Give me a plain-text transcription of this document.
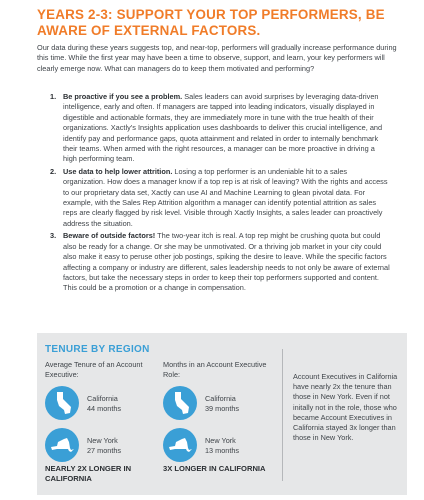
YEARS 2-3: SUPPORT YOUR TOP PERFORMERS, BE AWARE OF EXTERNAL FACTORS.

Our data during these years suggests top, and near-top, performers will gradually increase performance during this time. While the first year may have been a time to observe, support, and learn, your key performers will clearly emerge now. What can managers do to keep them motivated and performing?

1. Be proactive if you see a problem. Sales leaders can avoid surprises by leveraging data-driven intelligence, early and often. If managers are tapped into leading indicators, visually displayed in digestible and actionable formats, they are immediately more in tune with the true health of their organizations. Xactly’s Insights application uses dashboards to deliver this crucial intelligence, and identify pay and performance gaps, quota attainment and related in order to internally benchmark their teams. When armed with the right resources, a manager can be more proactive in driving a high performing team.
2. Use data to help lower attrition. Losing a top performer is an undeniable hit to a sales organization. How does a manager know if a top rep is at risk of leaving? With the rights and access to our proprietary data set, Xactly can use AI and Machine Learning to glean pivotal data. For example, with the Sales Rep Attrition algorithm a manager can identify potential attrition as sales reps are clearly flagged by risk level. Visible through Xactly Insights, a sales leader can proactively address the situation.
3. Beware of outside factors! The two-year itch is real. A top rep might be crushing quota but could also be ready for a change. Or she may be unmotivated. Or a thriving job market in your city could also make it easy to peruse other job postings, spiking the desire to leave. While the specific factors affecting a company or industry are different, sales leadership needs to not only be aware of external factors, but take the necessary steps in order to keep their top performers supported and content. This could be a promotion or a change in compensation.
TENURE BY REGION
Average Tenure of an Account Executive:
California
44 months
New York
27 months
NEARLY 2X LONGER IN CALIFORNIA
Months in an Account Executive Role:
California
39 months
New York
13 months
3X LONGER IN CALIFORNIA

Account Executives in California have nearly 2x the tenure than those in New York. Even if not initally not in the role, those who became Account Executives in California stayed 3x longer than those in New York.
